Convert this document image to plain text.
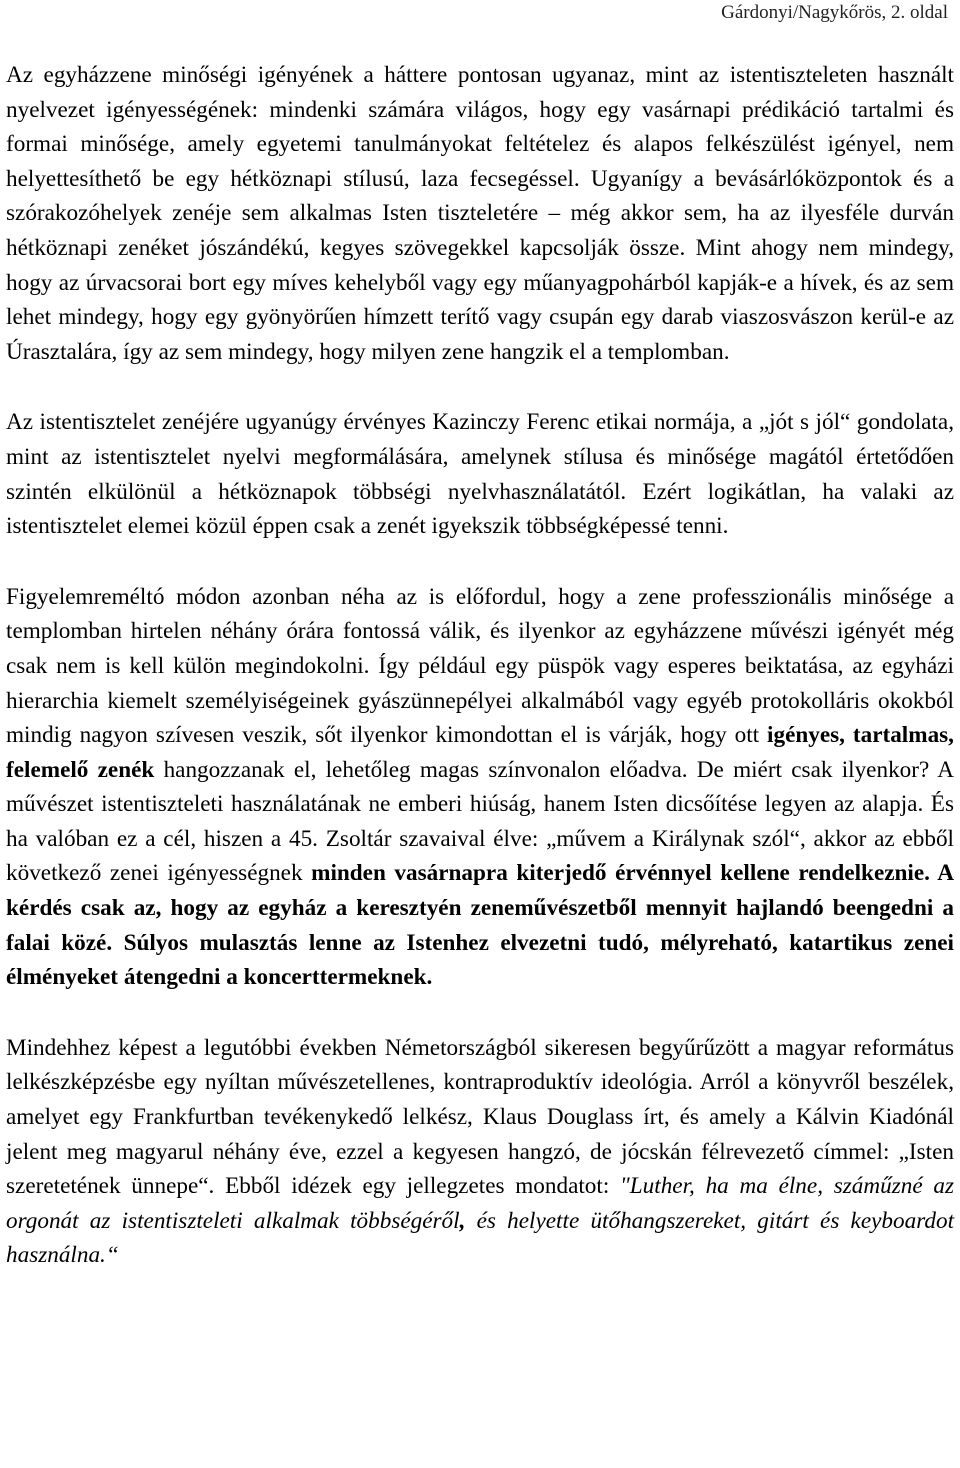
Gárdonyi/Nagykőrös, 2. oldal

Az egyházzene minőségi igényének a háttere pontosan ugyanaz, mint az istentiszteleten használt nyelvezet igényességének: mindenki számára világos, hogy egy vasárnapi prédikáció tartalmi és formai minősége, amely egyetemi tanulmányokat feltételez és alapos felkészülést igényel, nem helyettesíthető be egy hétköznapi stílusú, laza fecsegéssel. Ugyanígy a bevásárlóközpontok és a szórakozóhelyek zenéje sem alkalmas Isten tiszteletére – még akkor sem, ha az ilyesféle durván hétköznapi zenéket jószándékú, kegyes szövegekkel kapcsolják össze. Mint ahogy nem mindegy, hogy az úrvacsorai bort egy míves kehelyből vagy egy műanyagpohárból kapják-e a hívek, és az sem lehet mindegy, hogy egy gyönyörűen hímzett terítő vagy csupán egy darab viaszosvászon kerül-e az Úrasztalára, így az sem mindegy, hogy milyen zene hangzik el a templomban.

Az istentisztelet zenéjére ugyanúgy érvényes Kazinczy Ferenc etikai normája, a „jót s jól“ gondolata, mint az istentisztelet nyelvi megformálására, amelynek stílusa és minősége magától értetődően szintén elkülönül a hétköznapok többségi nyelvhasználatától. Ezért logikátlan, ha valaki az istentisztelet elemei közül éppen csak a zenét igyekszik többségképessé tenni.

Figyelemreméltó módon azonban néha az is előfordul, hogy a zene professzionális minősége a templomban hirtelen néhány órára fontossá válik, és ilyenkor az egyházzene művészi igényét még csak nem is kell külön megindokolni. Így például egy püspök vagy esperes beiktatása, az egyházi hierarchia kiemelt személyiségeinek gyászünnepélyei alkalmából vagy egyéb protokolláris okokból mindig nagyon szívesen veszik, sőt ilyenkor kimondottan el is várják, hogy ott igényes, tartalmas, felemelő zenék hangozzanak el, lehetőleg magas színvonalon előadva. De miért csak ilyenkor? A művészet istentiszteleti használatának ne emberi hiúság, hanem Isten dicsőítése legyen az alapja. És ha valóban ez a cél, hiszen a 45. Zsoltár szavaival élve: „művem a Királynak szól“, akkor az ebből következő zenei igényességnek minden vasárnapra kiterjedő érvénnyel kellene rendelkeznie. A kérdés csak az, hogy az egyház a keresztyén zeneművészetből mennyit hajlandó beengedni a falai közé. Súlyos mulasztás lenne az Istenhez elvezetni tudó, mélyreható, katartikus zenei élményeket átengedni a koncerttermeknek.

Mindehhez képest a legutóbbi években Németországból sikeresen begyűrűzött a magyar református lelkészképzésbe egy nyíltan művészetellenes, kontraproduktív ideológia. Arról a könyvről beszélek, amelyet egy Frankfurtban tevékenykedő lelkész, Klaus Douglass írt, és amely a Kálvin Kiadónál jelent meg magyarul néhány éve, ezzel a kegyesen hangzó, de jócskán félrevezető címmel: „Isten szeretetének ünnepe“. Ebből idézek egy jellegzetes mondatot: "Luther, ha ma élne, száműzné az orgonát az istentiszteleti alkalmak többségéről, és helyette ütőhangszereket, gitárt és keyboardot használna.“
